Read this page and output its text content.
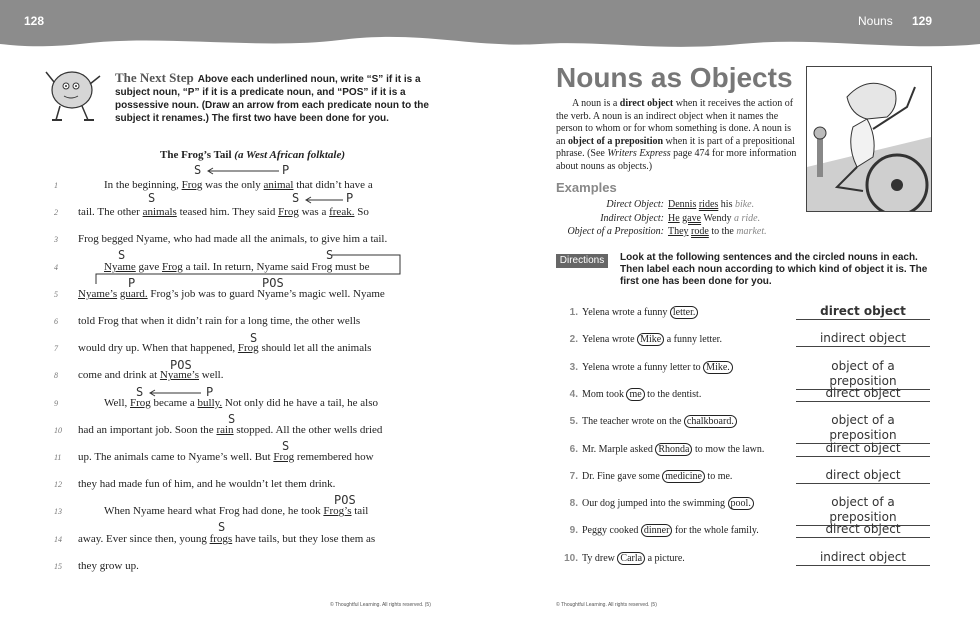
128	Nouns 129
The Next Step Above each underlined noun, write “S” if it is a subject noun, “P” if it is a predicate noun, and “POS” if it is a possessive noun. (Draw an arrow from each predicate noun to the subject it renames.) The first two have been done for you.
The Frog’s Tail (a West African folktale)
1	In the beginning, Frog was the only animal that didn’t have a
2	tail. The other animals teased him. They said Frog was a freak. So
3	Frog begged Nyame, who had made all the animals, to give him a tail.
4	Nyame gave Frog a tail. In return, Nyame said Frog must be
5	Nyame’s guard. Frog’s job was to guard Nyame’s magic well. Nyame
6	told Frog that when it didn’t rain for a long time, the other wells
7	would dry up. When that happened, Frog should let all the animals
8	come and drink at Nyame’s well.
9	Well, Frog became a bully. Not only did he have a tail, he also
10	had an important job. Soon the rain stopped. All the other wells dried
11	up. The animals came to Nyame’s well. But Frog remembered how
12	they had made fun of him, and he wouldn’t let them drink.
13	When Nyame heard what Frog had done, he took Frog’s tail
14	away. Ever since then, young frogs have tails, but they lose them as
15	they grow up.
S	P
S	S	P
S	S
P	POS
S
POS
S	P
S
S
POS
S
Nouns as Objects
A noun is a direct object when it receives the action of the verb. A noun is an indirect object when it names the person to whom or for whom something is done. A noun is an object of a preposition when it is part of a prepositional phrase. (See Writers Express page 474 for more information about nouns as objects.)
Examples
Direct Object: Dennis rides his bike.
Indirect Object: He gave Wendy a ride.
Object of a Preposition: They rode to the market.
Directions	Look at the following sentences and the circled nouns in each. Then label each noun according to which kind of object it is. The first one has been done for you.
1. Yelena wrote a funny letter.	direct object
2. Yelena wrote Mike a funny letter.	indirect object
3. Yelena wrote a funny letter to Mike.	object of a preposition
4. Mom took me to the dentist.	direct object
5. The teacher wrote on the chalkboard.	object of a preposition
6. Mr. Marple asked Rhonda to mow the lawn.	direct object
7. Dr. Fine gave some medicine to me.	direct object
8. Our dog jumped into the swimming pool.	object of a preposition
9. Peggy cooked dinner for the whole family.	direct object
10. Ty drew Carla a picture.	indirect object
© Thoughtful Learning. All rights reserved. (5)	© Thoughtful Learning. All rights reserved. (5)
